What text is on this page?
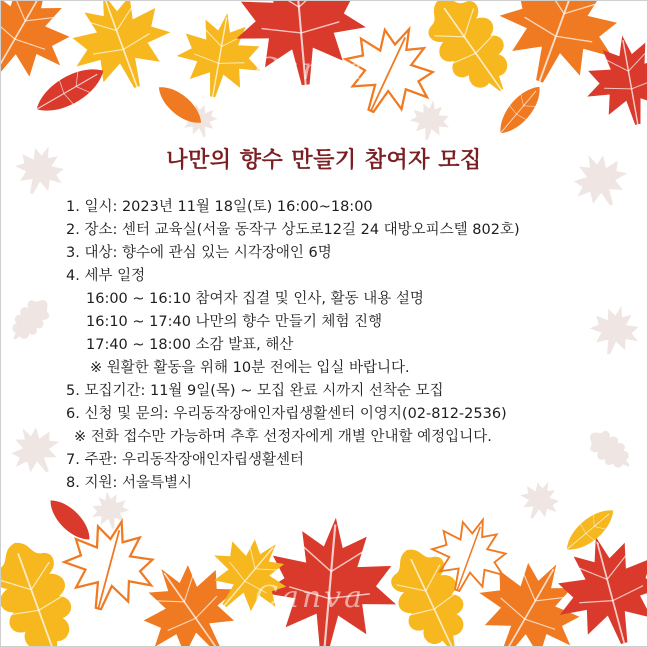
Canva
Canva
나만의 향수 만들기 참여자 모집
1. 일시: 2023년 11월 18일(토) 16:00~18:00
2. 장소: 센터 교육실(서울 동작구 상도로12길 24 대방오피스텔 802호)
3. 대상: 향수에 관심 있는 시각장애인 6명
4. 세부 일정
16:00 ~ 16:10 참여자 집결 및 인사, 활동 내용 설명
16:10 ~ 17:40 나만의 향수 만들기 체험 진행
17:40 ~ 18:00 소감 발표, 해산
※ 원활한 활동을 위해 10분 전에는 입실 바랍니다.
5. 모집기간: 11월 9일(목) ~ 모집 완료 시까지 선착순 모집
6. 신청 및 문의: 우리동작장애인자립생활센터 이영지(02-812-2536)
※ 전화 접수만 가능하며 추후 선정자에게 개별 안내할 예정입니다.
7. 주관: 우리동작장애인자립생활센터
8. 지원: 서울특별시
